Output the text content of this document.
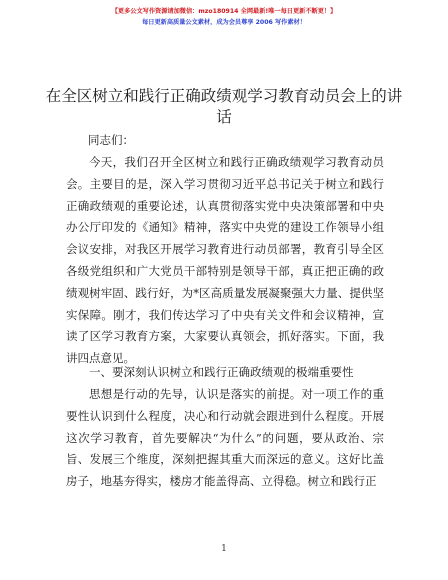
【更多公文写作资源请加微信：mzo180914 全网最新!唯一每日更新不断更！】
每日更新高质量公文素材，成为会员尊享 2006 写作素材！
在全区树立和践行正确政绩观学习教育动员会上的讲话
同志们：

今天，我们召开全区树立和践行正确政绩观学习教育动员会。主要目的是，深入学习贯彻习近平总书记关于树立和践行正确政绩观的重要论述，认真贯彻落实党中央决策部署和中央办公厅印发的《通知》精神，落实中央党的建设工作领导小组会议安排，对我区开展学习教育进行动员部署，教育引导全区各级党组织和广大党员干部特别是领导干部，真正把正确的政绩观树牢固、践行好，为*区高质量发展凝聚强大力量、提供坚实保障。刚才，我们传达学习了中央有关文件和会议精神，宣读了区学习教育方案，大家要认真领会，抓好落实。下面，我讲四点意见。

一、要深刻认识树立和践行正确政绩观的极端重要性

思想是行动的先导，认识是落实的前提。对一项工作的重要性认识到什么程度，决心和行动就会跟进到什么程度。开展这次学习教育，首先要解决“为什么”的问题，要从政治、宗旨、发展三个维度，深刻把握其重大而深远的意义。这好比盖房子，地基夯得实，楼房才能盖得高、立得稳。树立和践行正

1
